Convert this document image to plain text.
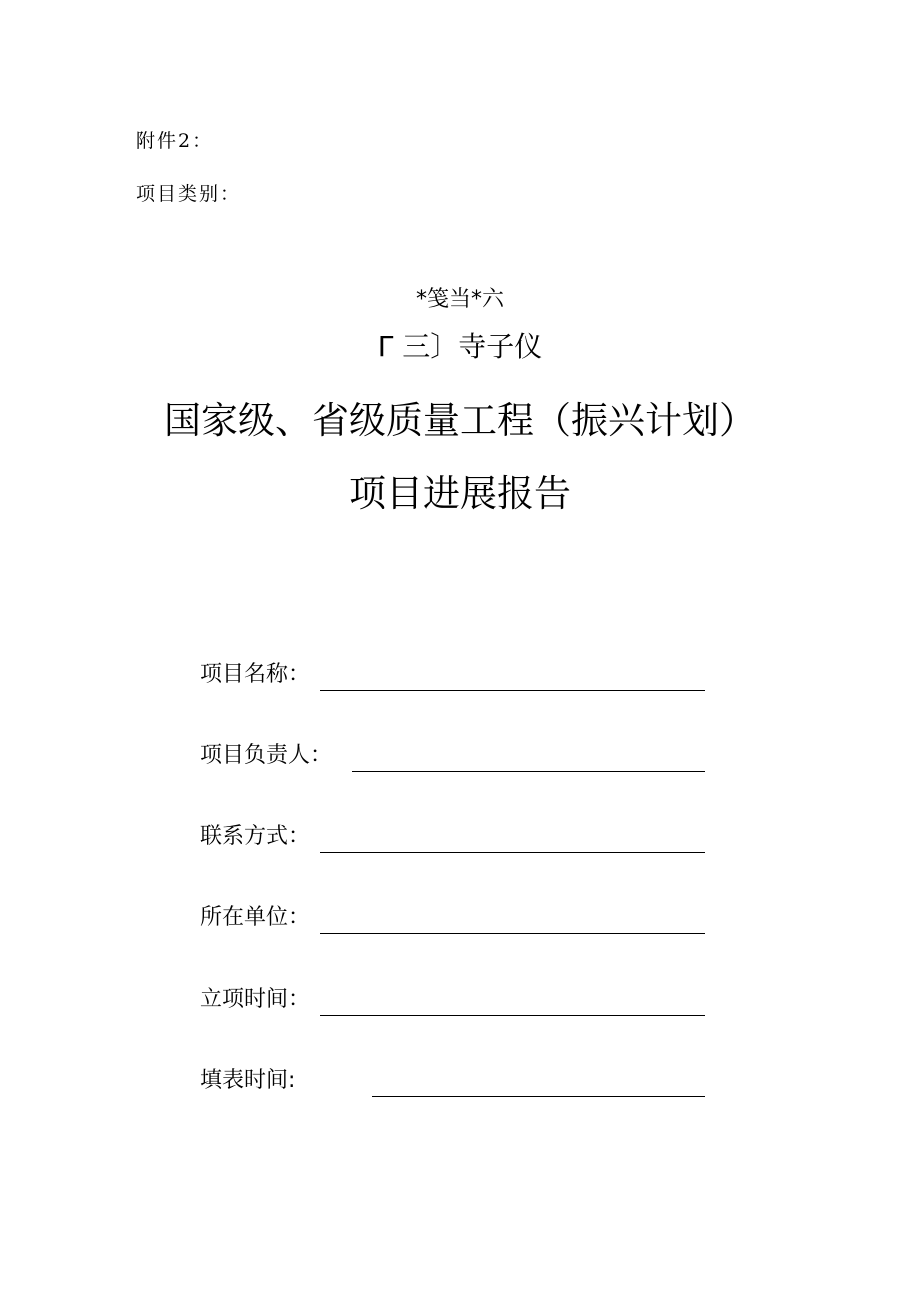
附件2：
项目类别：
*笺当*六
Γ 三〕寺子仪
国家级、省级质量工程（振兴计划）
项目进展报告
项目名称：
项目负责人：
联系方式：
所在单位：
立项时间：
填表时间:
